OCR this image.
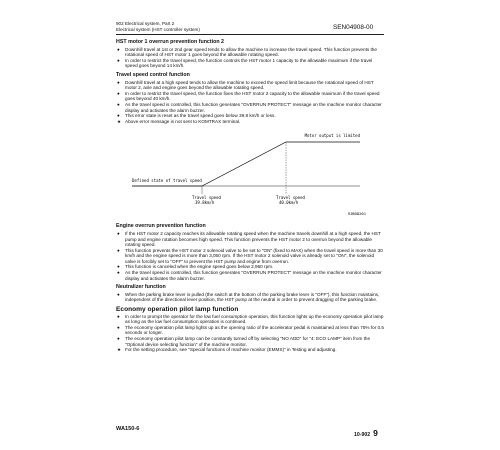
902 Electrical system, Part 2
Electrical system (HST controller system)	SEN04908-00
HST motor 1 overrun prevention function 2
● Downhill travel at 1st or 2nd gear speed tends to allow the machine to increase the travel speed. This function prevents the rotational speed of HST motor 1 goes beyond the allowable rotating speed.
● In order to restrict the travel speed, the function controls the HST motor 1 capacity to the allowable maximum if the travel speed goes beyond 14 km/h.
Travel speed control function
● Downhill travel at a high speed tends to allow the machine to exceed the speed limit because the rotational speed of HST motor 2, axle and engine goes beyond the allowable rotating speed.
● In order to restrict the travel speed, the function fixes the HST motor 2 capacity to the allowable maximum if the travel speed goes beyond 40 km/h.
● As the travel speed is controlled, this function generates "OVERRUN PROTECT" message on the machine monitor character display and activates the alarm buzzer.
● This error state is reset as the travel speed goes below 39.8 km/h or less.
★ Above error message is not sent to KOMTRAX terminal.
Motor output is limited
Defined state of travel speed
Travel speed
39.8km/h
Travel speed
40.0km/h
9JB08201
Engine overrun prevention function
● If the HST motor 2 capacity reaches its allowable rotating speed when the machine travels downhill at a high speed, the HST pump and engine rotation becomes high speed. This function prevents the HST motor 2 to overrun beyond the allowable rotating speed.
● This function prevents the HST motor 2 solenoid valve to be set to "ON" (fixed to MAX) when the travel speed is more than 30 km/h and the engine speed is more than 3,050 rpm. If the HST motor 2 solenoid valve is already set to "ON", the solenoid valve is forcibly set to "OFF" to prevent the HST pump and engine from overrun.
● This function is canceled when the engine speed goes below 2,950 rpm.
● As the travel speed is controlled, this function generates "OVERRUN PROTECT" message on the machine monitor character display and activates the alarm buzzer.
Neutralizer function
● When the parking brake lever is pulled (the switch at the bottom of the parking brake lever is "OFF"), this function maintains, independent of the directional lever position, the HST pump at the neutral in order to prevent dragging of the parking brake.
Economy operation pilot lamp function
● In order to prompt the operator for the low fuel consumption operation, this function lights up the economy operation pilot lamp as long as the low fuel consumption operation is continued.
● The economy operation pilot lamp lights up as the opening ratio of the accelerator pedal is maintained at less than 75% for 0.5 seconds or longer.
● The economy operation pilot lamp can be constantly turned off by selecting "NO ADD" for "4: ECO LAMP" item from the "Optional device selecting function" of the machine monitor.
★ For the setting procedure, see "Special functions of machine monitor (EMMS)" in Testing and adjusting.
WA150-6
10-902 9
